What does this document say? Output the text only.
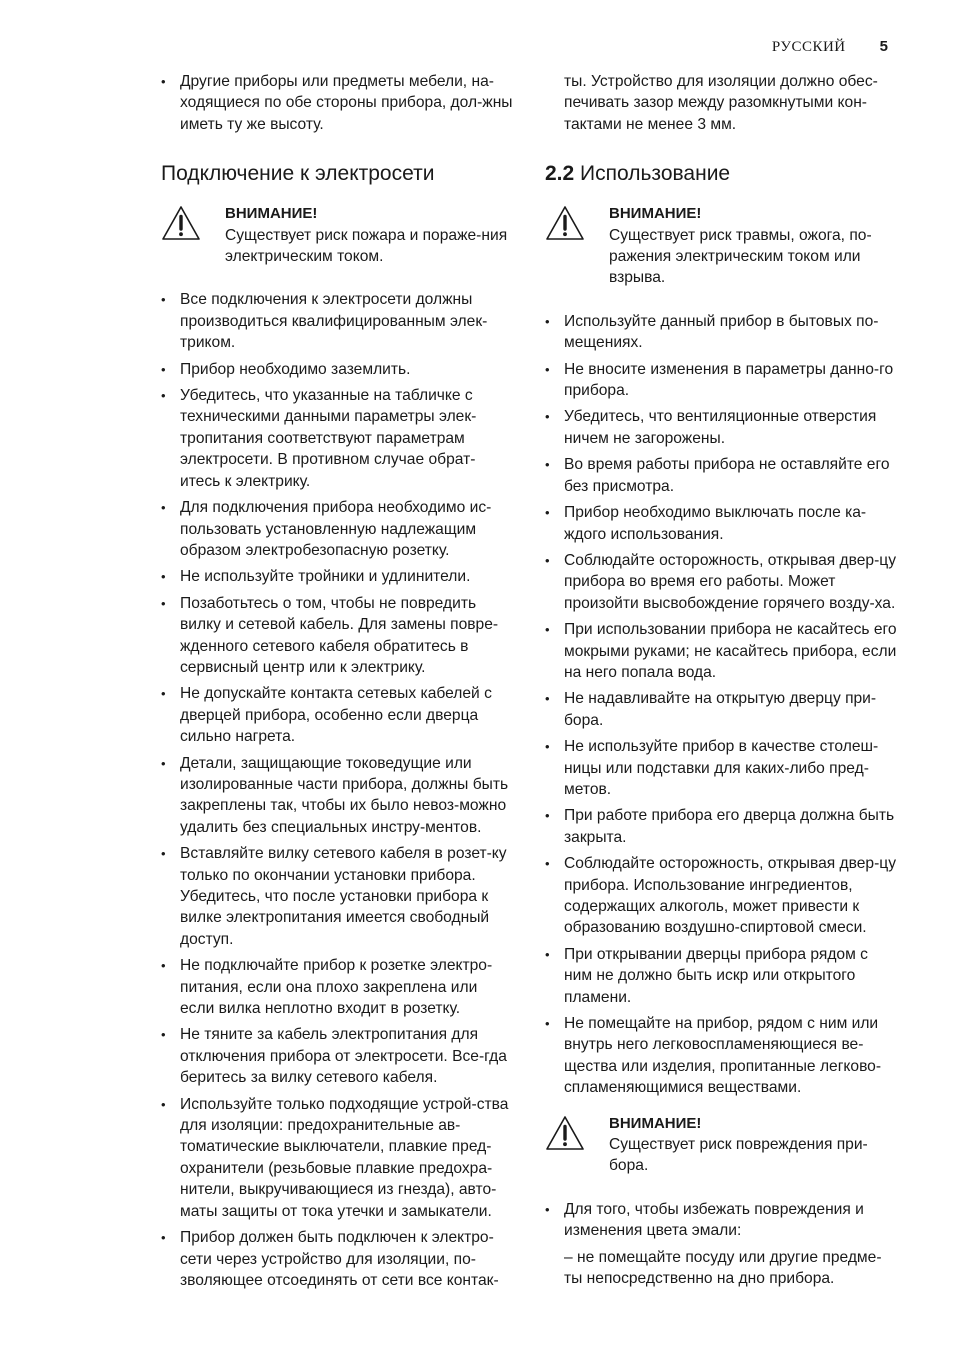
РУССКИЙ 5
• Другие приборы или предметы мебели, на-ходящиеся по обе стороны прибора, дол-жны иметь ту же высоту.
Подключение к электросети
ВНИМАНИЕ!
Существует риск пожара и пораже-ния электрическим током.
• Все подключения к электросети должны производиться квалифицированным элек-триком.
• Прибор необходимо заземлить.
• Убедитесь, что указанные на табличке с техническими данными параметры элек-тропитания соответствуют параметрам электросети. В противном случае обрат-итесь к электрику.
• Для подключения прибора необходимо ис-пользовать установленную надлежащим образом электробезопасную розетку.
• Не используйте тройники и удлинители.
• Позаботьтесь о том, чтобы не повредить вилку и сетевой кабель. Для замены повре-жденного сетевого кабеля обратитесь в сервисный центр или к электрику.
• Не допускайте контакта сетевых кабелей с дверцей прибора, особенно если дверца сильно нагрета.
• Детали, защищающие токоведущие или изолированные части прибора, должны быть закреплены так, чтобы их было невоз-можно удалить без специальных инстру-ментов.
• Вставляйте вилку сетевого кабеля в розет-ку только по окончании установки прибора. Убедитесь, что после установки прибора к вилке электропитания имеется свободный доступ.
• Не подключайте прибор к розетке электро-питания, если она плохо закреплена или если вилка неплотно входит в розетку.
• Не тяните за кабель электропитания для отключения прибора от электросети. Все-гда беритесь за вилку сетевого кабеля.
• Используйте только подходящие устрой-ства для изоляции: предохранительные ав-томатические выключатели, плавкие пред-охранители (резьбовые плавкие предохра-нители, выкручивающиеся из гнезда), авто-маты защиты от тока утечки и замыкатели.
• Прибор должен быть подключен к электро-сети через устройство для изоляции, по-зволяющее отсоединять от сети все контак-
ты. Устройство для изоляции должно обес-печивать зазор между разомкнутыми кон-тактами не менее 3 мм.
2.2 Использование
ВНИМАНИЕ!
Существует риск травмы, ожога, по-ражения электрическим током или взрыва.
• Используйте данный прибор в бытовых по-мещениях.
• Не вносите изменения в параметры данно-го прибора.
• Убедитесь, что вентиляционные отверстия ничем не загорожены.
• Во время работы прибора не оставляйте его без присмотра.
• Прибор необходимо выключать после ка-ждого использования.
• Соблюдайте осторожность, открывая двер-цу прибора во время его работы. Может произойти высвобождение горячего возду-ха.
• При использовании прибора не касайтесь его мокрыми руками; не касайтесь прибора, если на него попала вода.
• Не надавливайте на открытую дверцу при-бора.
• Не используйте прибор в качестве столеш-ницы или подставки для каких-либо пред-метов.
• При работе прибора его дверца должна быть закрыта.
• Соблюдайте осторожность, открывая двер-цу прибора. Использование ингредиентов, содержащих алкоголь, может привести к образованию воздушно-спиртовой смеси.
• При открывании дверцы прибора рядом с ним не должно быть искр или открытого пламени.
• Не помещайте на прибор, рядом с ним или внутрь него легковоспламеняющиеся ве-щества или изделия, пропитанные легково-спламеняющимися веществами.
ВНИМАНИЕ!
Существует риск повреждения при-бора.
• Для того, чтобы избежать повреждения и изменения цвета эмали:
– не помещайте посуду или другие предме-ты непосредственно на дно прибора.
